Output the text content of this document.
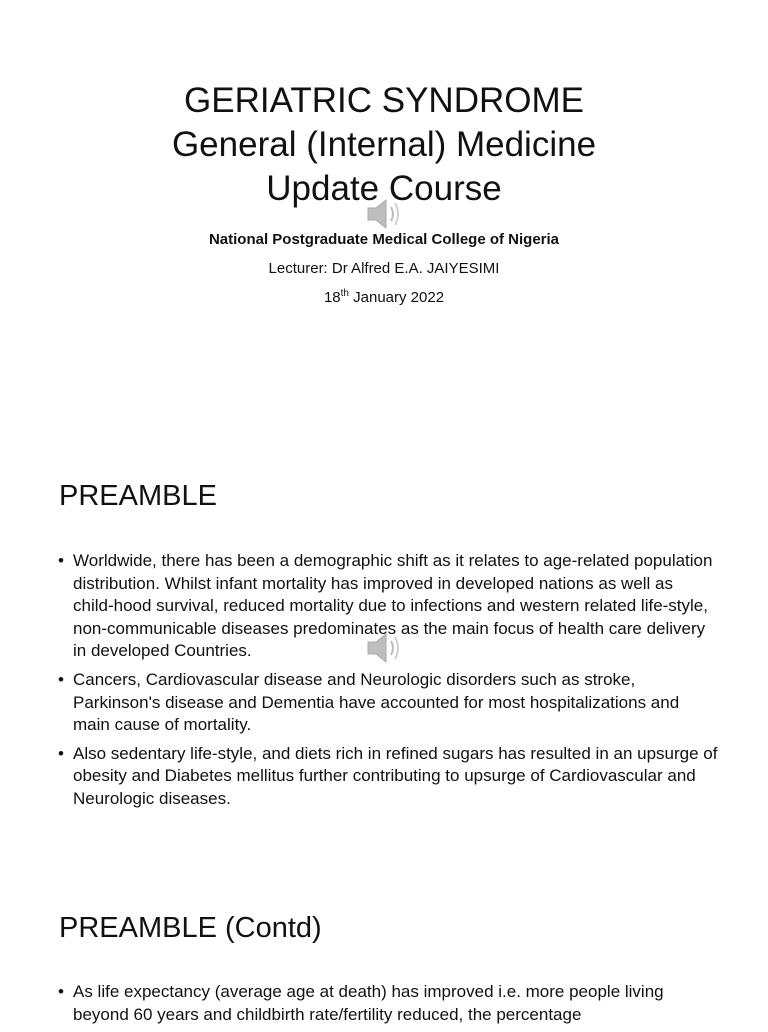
GERIATRIC SYNDROME
General (Internal) Medicine
Update Course
National Postgraduate Medical College of Nigeria
Lecturer: Dr Alfred E.A. JAIYESIMI
18th January 2022
PREAMBLE
• Worldwide, there has been a demographic shift as it relates to age-related population distribution. Whilst infant mortality has improved in developed nations as well as child-hood survival, reduced mortality due to infections and western related life-style, non-communicable diseases predominates as the main focus of health care delivery in developed Countries.
• Cancers, Cardiovascular disease and Neurologic disorders such as stroke, Parkinson's disease and Dementia have accounted for most hospitalizations and main cause of mortality.
• Also sedentary life-style, and diets rich in refined sugars has resulted in an upsurge of obesity and Diabetes mellitus further contributing to upsurge of Cardiovascular and Neurologic diseases.
PREAMBLE (Contd)
• As life expectancy (average age at death) has improved i.e. more people living beyond 60 years and childbirth rate/fertility reduced, the percentage
